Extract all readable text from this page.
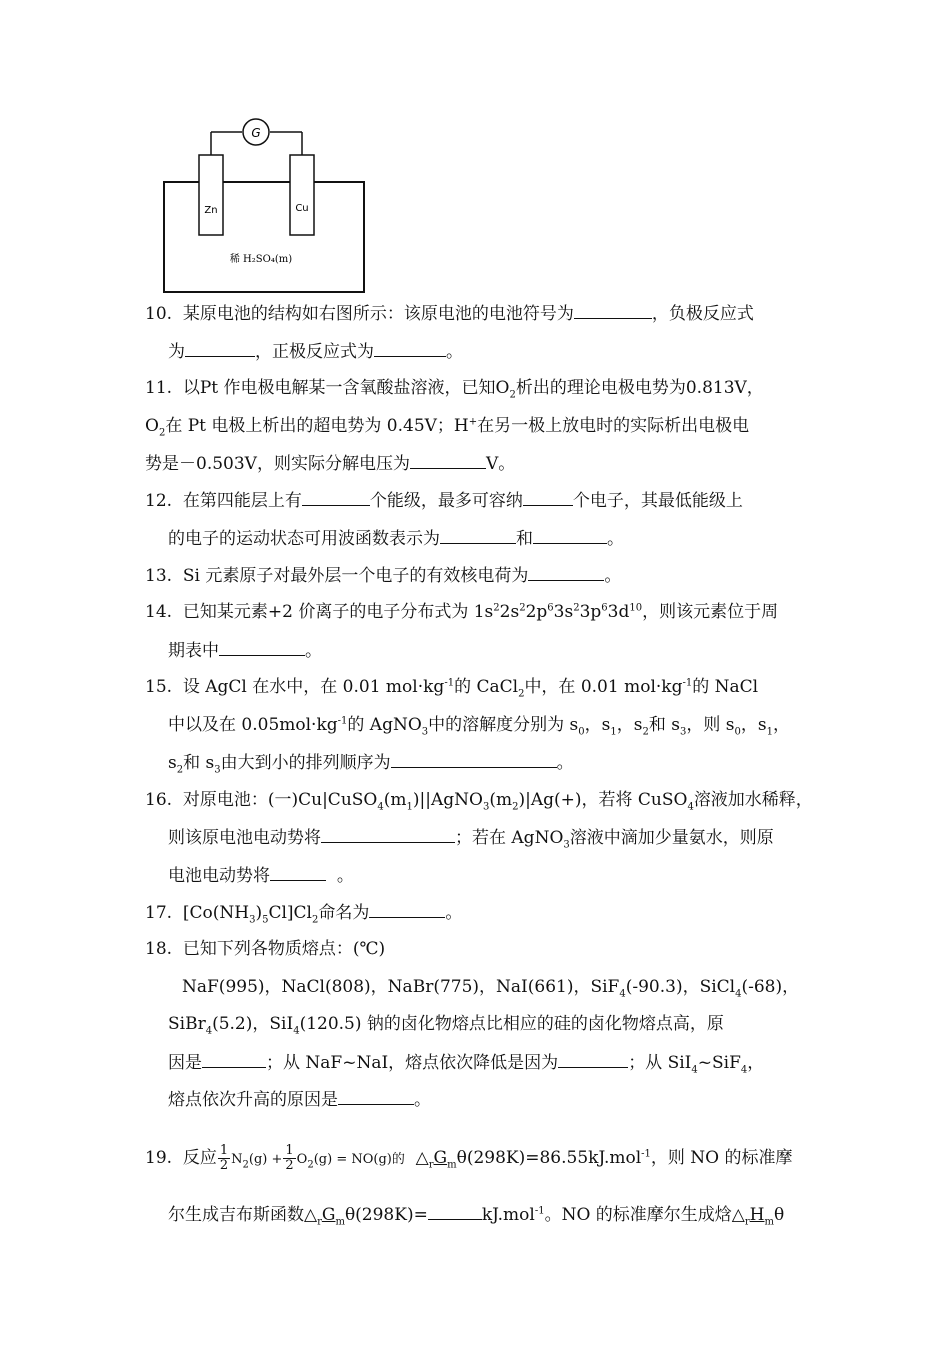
G
Zn	Cu
稀 H₂SO₄(m)
10. 某原电池的结构如右图所示：该原电池的电池符号为	，负极反应式
为	，正极反应式为	。
11. 以Pt 作电极电解某一含氧酸盐溶液，已知$O_2$析出的理论电极电势为0.813V，
$O_2$在 Pt 电极上析出的超电势为 0.45V；H+在另一极上放电时的实际析出电极电
势是－0.503V，则实际分解电压为	V。
12. 在第四能层上有	个能级，最多可容纳	个电子，其最低能级上
的电子的运动状态可用波函数表示为	和	。
13. Si 元素原子对最外层一个电子的有效核电荷为	。
14. 已知某元素+2 价离子的电子分布式为 $1s^22s^22p^63s^23p^63d^{10}$，则该元素位于周
期表中	。
15. 设 AgCl 在水中，在 0.01 $mol\cdot kg^{-1}$的 CaCl$_2$中，在 0.01 $mol\cdot kg^{-1}$的 NaCl
中以及在 $0.05mol\cdot kg^{-1}$的 AgNO$_3$中的溶解度分别为 $s_0$，$s_1$，$s_2$和 $s_3$，则 $s_0$，$s_1$，
$s_2$和 $s_3$由大到小的排列顺序为	。
16. 对原电池：(一)$Cu|CuSO_4(m_1)||AgNO_3(m_2)|Ag(+)$，若将 CuSO$_4$溶液加水稀释，
则该原电池电动势将	；若在 AgNO$_3$溶液中滴加少量氨水，则原
电池电动势将	。
17. $[Co(NH_3)_5Cl]Cl_2$命名为	。
18. 已知下列各物质熔点：(℃)
NaF(995)，NaCl(808)，NaBr(775)，NaI(661)，SiF$_4$(-90.3)，SiCl$_4$(-68)，
SiBr$_4$(5.2)，SiI$_4$(120.5) 钠的卤化物熔点比相应的硅的卤化物熔点高，原
因是	；从 NaF~NaI，熔点依次降低是因为	；从 SiI$_4$~SiF$_4$，
熔点依次升高的原因是	。
19. 反应 $\frac{1}{2} N_2(g) + \frac{1}{2} O_2(g) = NO(g)$的 $\triangle_rG_m\theta(298K)=86.55kJ.mol^{-1}$，则 NO 的标准摩
尔生成吉布斯函数$\triangle_rG_m\theta(298K)=$	kJ.mol$^{-1}$。NO 的标准摩尔生成焓$\triangle_rH_m\theta$
